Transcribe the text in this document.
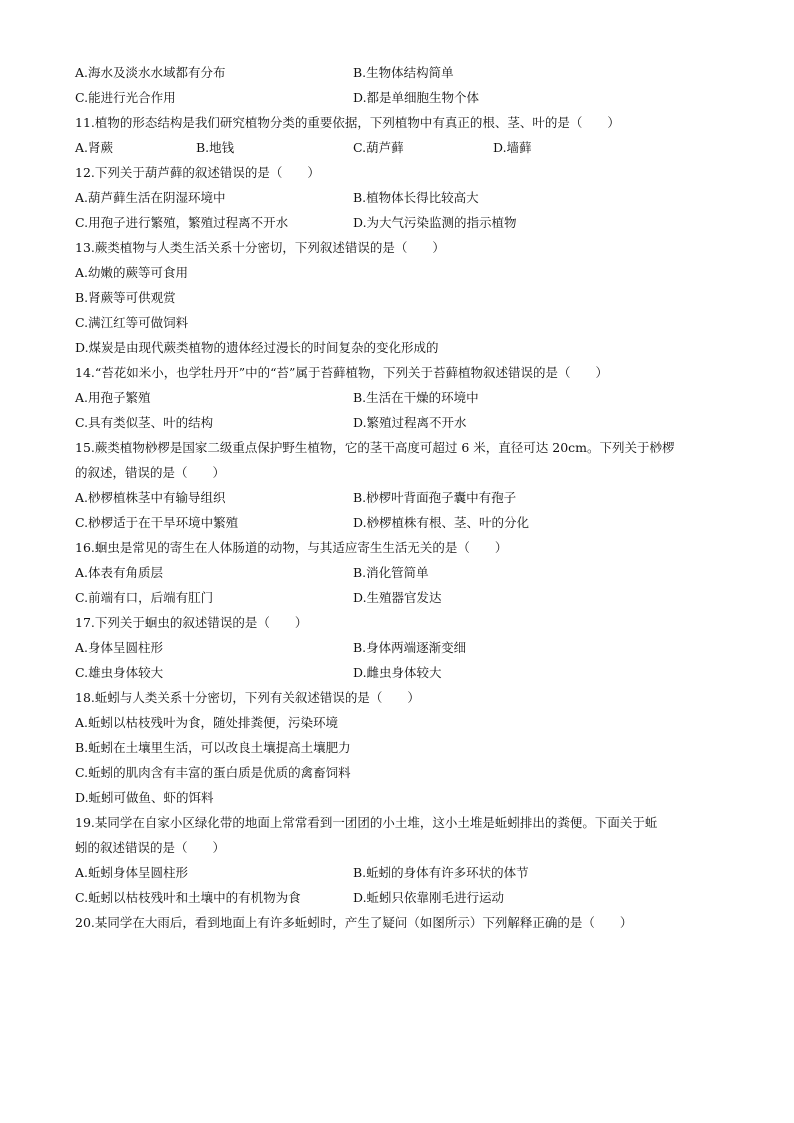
A.海水及淡水水域都有分布	B.生物体结构简单
C.能进行光合作用	D.都是单细胞生物个体
11.植物的形态结构是我们研究植物分类的重要依据，下列植物中有真正的根、茎、叶的是（　　）
A.肾蕨	B.地钱	C.葫芦藓	D.墙藓
12.下列关于葫芦藓的叙述错误的是（　　）
A.葫芦藓生活在阴湿环境中	B.植物体长得比较高大
C.用孢子进行繁殖，繁殖过程离不开水	D.为大气污染监测的指示植物
13.蕨类植物与人类生活关系十分密切，下列叙述错误的是（　　）
A.幼嫩的蕨等可食用
B.肾蕨等可供观赏
C.满江红等可做饲料
D.煤炭是由现代蕨类植物的遗体经过漫长的时间复杂的变化形成的
14.“苔花如米小，也学牡丹开”中的“苔”属于苔藓植物，下列关于苔藓植物叙述错误的是（　　）
A.用孢子繁殖	B.生活在干燥的环境中
C.具有类似茎、叶的结构	D.繁殖过程离不开水
15.蕨类植物桫椤是国家二级重点保护野生植物，它的茎干高度可超过 6 米，直径可达 20cm。下列关于桫椤
的叙述，错误的是（　　）
A.桫椤植株茎中有输导组织	B.桫椤叶背面孢子囊中有孢子
C.桫椤适于在干旱环境中繁殖	D.桫椤植株有根、茎、叶的分化
16.蛔虫是常见的寄生在人体肠道的动物，与其适应寄生生活无关的是（　　）
A.体表有角质层	B.消化管简单
C.前端有口，后端有肛门	D.生殖器官发达
17.下列关于蛔虫的叙述错误的是（　　）
A.身体呈圆柱形	B.身体两端逐渐变细
C.雄虫身体较大	D.雌虫身体较大
18.蚯蚓与人类关系十分密切，下列有关叙述错误的是（　　）
A.蚯蚓以枯枝残叶为食，随处排粪便，污染环境
B.蚯蚓在土壤里生活，可以改良土壤提高土壤肥力
C.蚯蚓的肌肉含有丰富的蛋白质是优质的禽畜饲料
D.蚯蚓可做鱼、虾的饵料
19.某同学在自家小区绿化带的地面上常常看到一团团的小土堆，这小土堆是蚯蚓排出的粪便。下面关于蚯
蚓的叙述错误的是（　　）
A.蚯蚓身体呈圆柱形	B.蚯蚓的身体有许多环状的体节
C.蚯蚓以枯枝残叶和土壤中的有机物为食	D.蚯蚓只依靠刚毛进行运动
20.某同学在大雨后，看到地面上有许多蚯蚓时，产生了疑问（如图所示）下列解释正确的是（　　）
